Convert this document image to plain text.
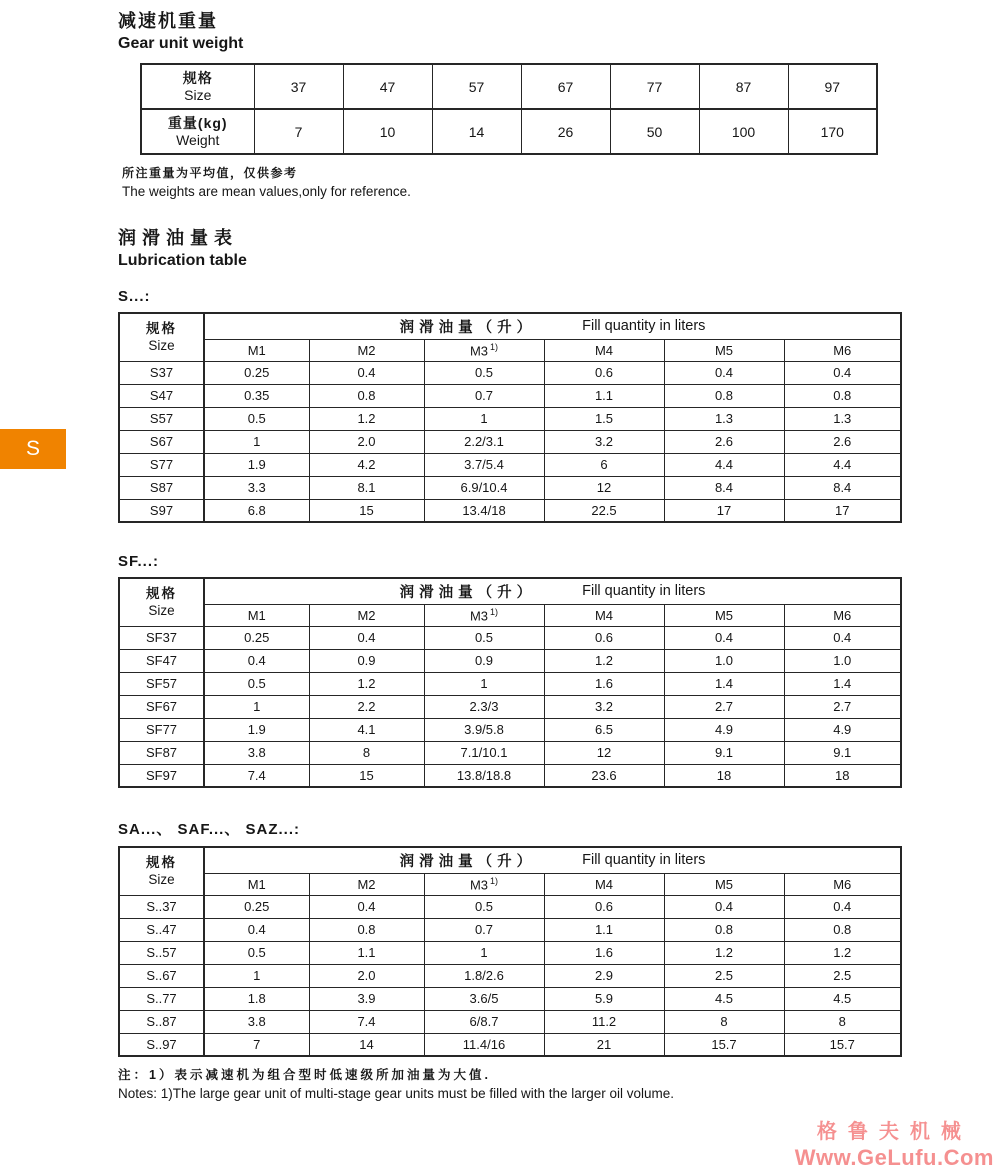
S
减速机重量
Gear unit weight
规格
Size	37	47	57	67	77	87	97

重量(kg)
Weight	7	10	14	26	50	100	170
所注重量为平均值，仅供参考
The weights are mean values,only for reference.
润滑油量表
Lubrication table
S...:
规格
Size	润滑油量（升） Fill quantity in liters					

	M1	M2	M3 $^{1)}$	M4	M5	M6
S37	0.25	0.4	0.5	0.6	0.4	0.4
S47	0.35	0.8	0.7	1.1	0.8	0.8
S57	0.5	1.2	1	1.5	1.3	1.3
S67	1	2.0	2.2/3.1	3.2	2.6	2.6
S77	1.9	4.2	3.7/5.4	6	4.4	4.4
S87	3.3	8.1	6.9/10.4	12	8.4	8.4
S97	6.8	15	13.4/18	22.5	17	17
SF...:
规格
Size	润滑油量（升） Fill quantity in liters					

	M1	M2	M3 $^{1)}$	M4	M5	M6
SF37	0.25	0.4	0.5	0.6	0.4	0.4
SF47	0.4	0.9	0.9	1.2	1.0	1.0
SF57	0.5	1.2	1	1.6	1.4	1.4
SF67	1	2.2	2.3/3	3.2	2.7	2.7
SF77	1.9	4.1	3.9/5.8	6.5	4.9	4.9
SF87	3.8	8	7.1/10.1	12	9.1	9.1
SF97	7.4	15	13.8/18.8	23.6	18	18
SA...、 SAF...、 SAZ...:
规格
Size	润滑油量（升） Fill quantity in liters					

	M1	M2	M3 $^{1)}$	M4	M5	M6
S..37	0.25	0.4	0.5	0.6	0.4	0.4
S..47	0.4	0.8	0.7	1.1	0.8	0.8
S..57	0.5	1.1	1	1.6	1.2	1.2
S..67	1	2.0	1.8/2.6	2.9	2.5	2.5
S..77	1.8	3.9	3.6/5	5.9	4.5	4.5
S..87	3.8	7.4	6/8.7	11.2	8	8
S..97	7	14	11.4/16	21	15.7	15.7
注：1）表示减速机为组合型时低速级所加油量为大值.
Notes: 1)The large gear unit of multi-stage gear units must be filled with the larger oil volume.
格鲁夫机械
Www.GeLufu.Com
